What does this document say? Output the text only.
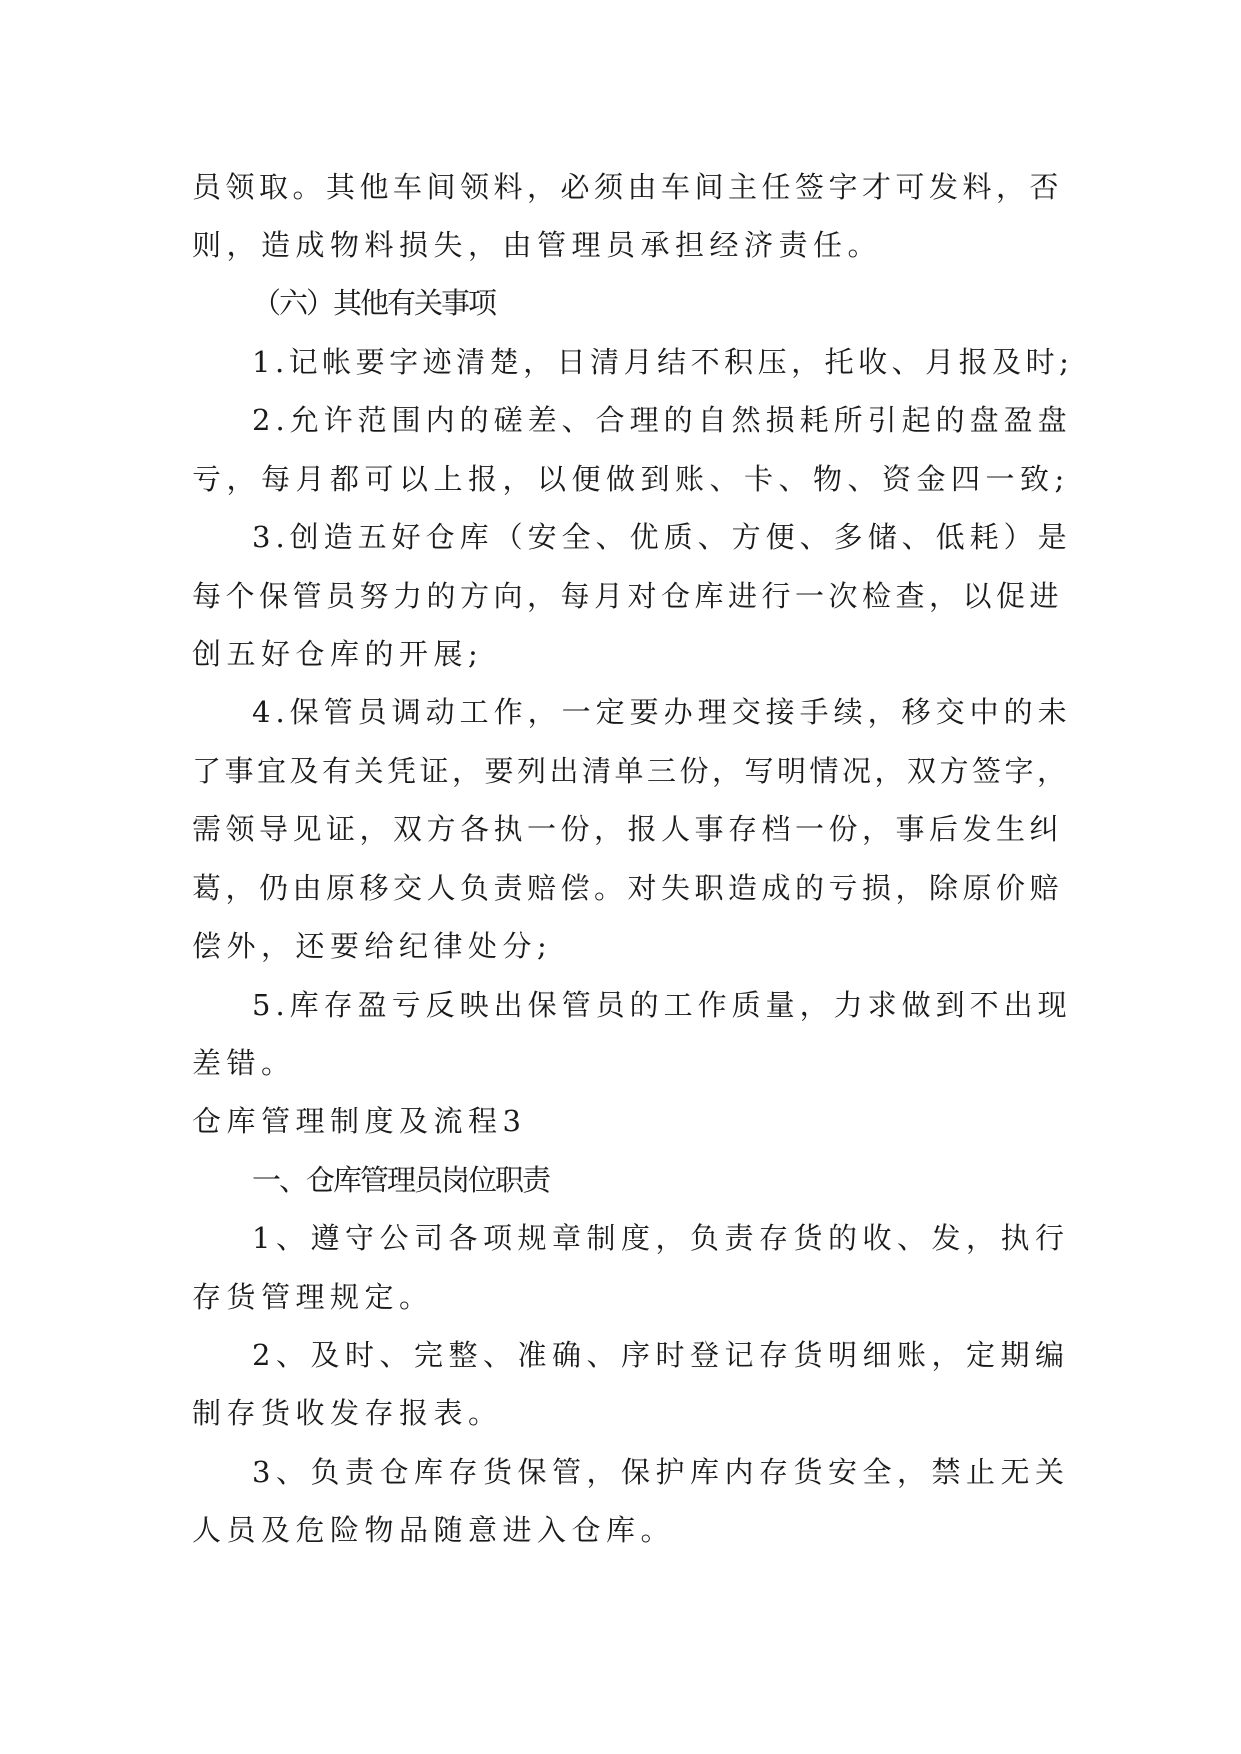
员领取。其他车间领料，必须由车间主任签字才可发料，否
则，造成物料损失，由管理员承担经济责任。
（六）其他有关事项
1.记帐要字迹清楚，日清月结不积压，托收、月报及时;
2.允许范围内的磋差、合理的自然损耗所引起的盘盈盘
亏，每月都可以上报，以便做到账、卡、物、资金四一致;
3.创造五好仓库（安全、优质、方便、多储、低耗）是
每个保管员努力的方向，每月对仓库进行一次检查，以促进
创五好仓库的开展;
4.保管员调动工作，一定要办理交接手续，移交中的未
了事宜及有关凭证，要列出清单三份，写明情况，双方签字，
需领导见证，双方各执一份，报人事存档一份，事后发生纠
葛，仍由原移交人负责赔偿。对失职造成的亏损，除原价赔
偿外，还要给纪律处分;
5.库存盈亏反映出保管员的工作质量，力求做到不出现
差错。
仓库管理制度及流程3
一、仓库管理员岗位职责
1、遵守公司各项规章制度，负责存货的收、发，执行
存货管理规定。
2、及时、完整、准确、序时登记存货明细账，定期编
制存货收发存报表。
3、负责仓库存货保管，保护库内存货安全，禁止无关
人员及危险物品随意进入仓库。
